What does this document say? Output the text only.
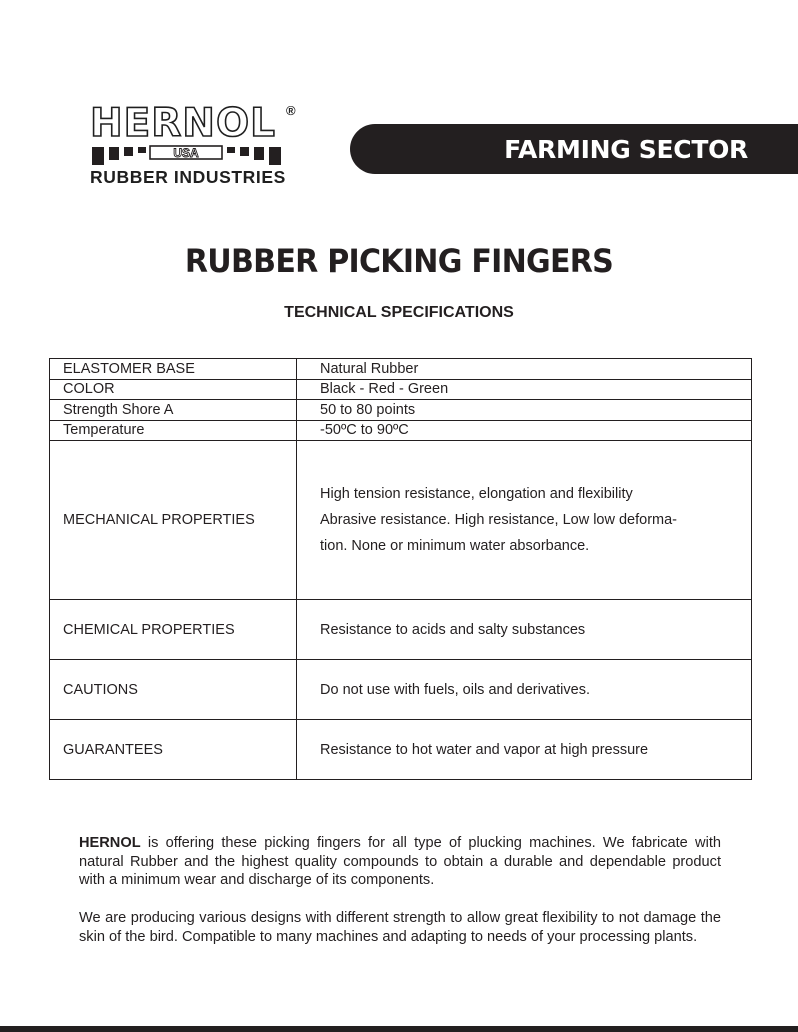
HERNOL ®
USA
RUBBER INDUSTRIES
FARMING SECTOR
RUBBER PICKING FINGERS
TECHNICAL SPECIFICATIONS
ELASTOMER BASE	Natural Rubber
COLOR	Black - Red - Green
Strength Shore A	50 to 80 points
Temperature	-50ºC to 90ºC
MECHANICAL PROPERTIES	High tension resistance, elongation and flexibility
Abrasive resistance. High resistance, Low low deforma-
tion. None or minimum water absorbance.

CHEMICAL PROPERTIES	Resistance to acids and salty substances
CAUTIONS	Do not use with fuels, oils and derivatives.
GUARANTEES	Resistance to hot water and vapor at high pressure
HERNOL is offering these picking fingers for all type of plucking machines. We fabricate with natural Rubber and the highest quality compounds to obtain a durable and dependable product with a minimum wear and discharge of its components.
We are producing various designs with different strength to allow great flexibility to not damage the skin of the bird. Compatible to many machines and adapting to needs of your processing plants.
